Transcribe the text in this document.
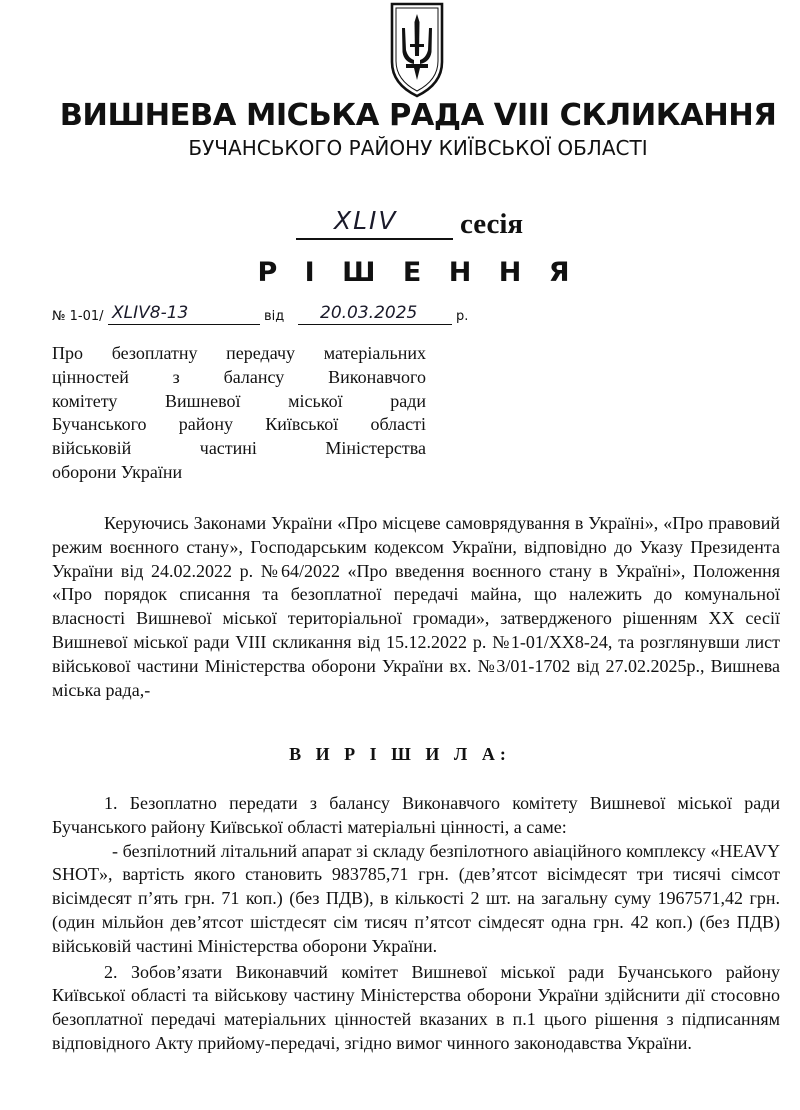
ВИШНЕВА МІСЬКА РАДА VIII СКЛИКАННЯ
БУЧАНСЬКОГО РАЙОНУ КИЇВСЬКОЇ ОБЛАСТІ
XLIV сесія
Р І Ш Е Н Н Я
№ 1-01/ XLIV8-13	від 20.03.2025	р.
Про безоплатну передачу матеріальних
цінностей з балансу Виконавчого
комітету Вишневої міської ради
Бучанського району Київської області
військовій частині Міністерства
оборони України

Керуючись Законами України «Про місцеве самоврядування в Україні», «Про правовий режим воєнного стану», Господарським кодексом України, відповідно до Указу Президента України від 24.02.2022 р. №64/2022 «Про введення воєнного стану в Україні», Положення «Про порядок списання та безоплатної передачі майна, що належить до комунальної власності Вишневої міської територіальної громади», затвердженого рішенням XX сесії Вишневої міської ради VIII скликання від 15.12.2022 р. №1-01/XX8-24, та розглянувши лист військової частини Міністерства оборони України вх. №3/01-1702 від 27.02.2025р., Вишнева міська рада,-

В И Р І Ш И Л А:

1. Безоплатно передати з балансу Виконавчого комітету Вишневої міської ради Бучанського району Київської області матеріальні цінності, а саме:

- безпілотний літальний апарат зі складу безпілотного авіаційного комплексу «HEAVY SHOT», вартість якого становить 983785,71 грн. (дев’ятсот вісімдесят три тисячі сімсот вісімдесят п’ять грн. 71 коп.) (без ПДВ), в кількості 2 шт. на загальну суму 1967571,42 грн. (один мільйон дев’ятсот шістдесят сім тисяч п’ятсот сімдесят одна грн. 42 коп.) (без ПДВ) військовій частині Міністерства оборони України.

2. Зобов’язати Виконавчий комітет Вишневої міської ради Бучанського району Київської області та військову частину Міністерства оборони України здійснити дії стосовно безоплатної передачі матеріальних цінностей вказаних в п.1 цього рішення з підписанням відповідного Акту прийому-передачі, згідно вимог чинного законодавства України.
